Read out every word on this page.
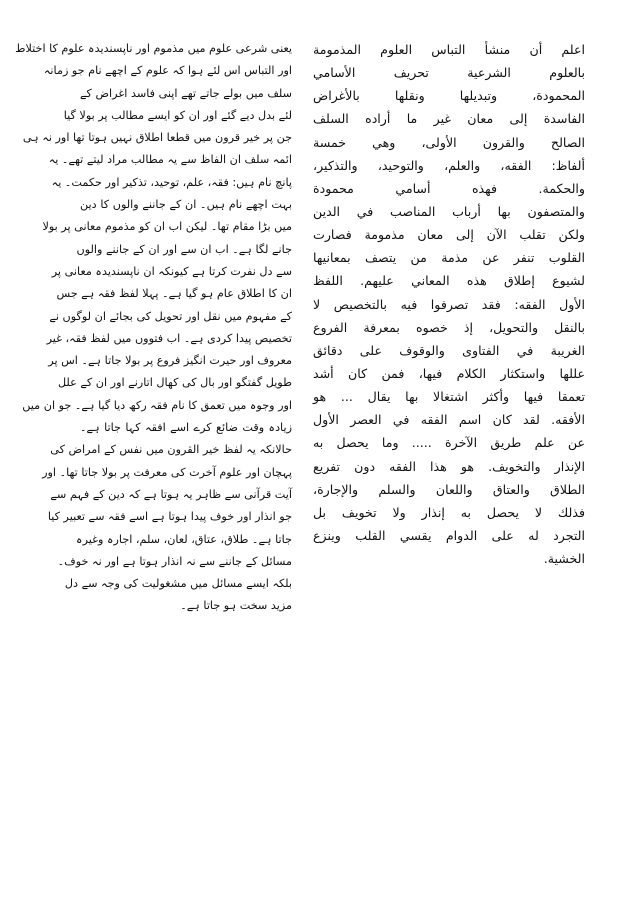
اعلم أن منشأ التباس العلوم المذمومة
بالعلوم الشرعية تحريف الأسامي
المحمودة، وتبديلها ونقلها بالأغراض
الفاسدة إلى معان غير ما أراده السلف
الصالح والقرون الأولى، وهي خمسة
ألفاظ: الفقه، والعلم، والتوحيد، والتذكير،
والحكمة. فهذه أسامي محمودة
والمتصفون بها أرباب المناصب في الدين
ولكن تقلب الآن إلى معان مذمومة فصارت
القلوب تنفر عن مذمة من يتصف بمعانيها
لشيوع إطلاق هذه المعاني عليهم. اللفظ
الأول الفقه: فقد تصرفوا فيه بالتخصيص لا
بالنقل والتحويل، إذ خصوه بمعرفة الفروع
الغريبة في الفتاوى والوقوف على دقائق
عللها واستكثار الكلام فيها، فمن كان أشد
تعمقا فيها وأكثر اشتغالا بها يقال ... هو
الأفقه. لقد كان اسم الفقه في العصر الأول
عن علم طريق الآخرة ..... وما يحصل به
الإنذار والتخويف. هو هذا الفقه دون تفريع
الطلاق والعتاق واللعان والسلم والإجارة،
فذلك لا يحصل به إنذار ولا تخويف بل
التجرد له على الدوام يقسي القلب وينزع
الخشية.
یعنی شرعی علوم میں مذموم اور ناپسندیدہ علوم کا اختلاط
اور التباس اس لئے ہوا کہ علوم کے اچھے نام جو زمانہ
سلف میں بولے جاتے تھے اپنی فاسد اغراض کے
لئے بدل دیے گئے اور ان کو ایسے مطالب پر بولا گیا
جن پر خیر قرون میں قطعا اطلاق نہیں ہوتا تھا اور نہ ہی
ائمہ سلف ان الفاظ سے یہ مطالب مراد لیتے تھے۔ یہ
پانچ نام ہیں: فقہ، علم، توحید، تذکیر اور حکمت۔ یہ
بہت اچھے نام ہیں۔ ان کے جاننے والوں کا دین
میں بڑا مقام تھا۔ لیکن اب ان کو مذموم معانی پر بولا
جانے لگا ہے۔ اب ان سے اور ان کے جاننے والوں
سے دل نفرت کرتا ہے کیونکہ ان ناپسندیدہ معانی پر
ان کا اطلاق عام ہو گیا ہے۔ پہلا لفظ فقہ ہے جس
کے مفہوم میں نقل اور تحویل کی بجائے ان لوگوں نے
تخصیص پیدا کردی ہے۔ اب فتووں میں لفظ فقہ، غیر
معروف اور حیرت انگیز فروع پر بولا جاتا ہے۔ اس پر
طویل گفتگو اور بال کی کھال اتارنے اور ان کے علل
اور وجوہ میں تعمق کا نام فقہ رکھ دیا گیا ہے۔ جو ان میں
زیادہ وقت ضائع کرے اسے افقہ کہا جاتا ہے۔
حالانکہ یہ لفظ خیر القرون میں نفس کے امراض کی
پہچان اور علوم آخرت کی معرفت پر بولا جاتا تھا۔ اور
آیت قرآنی سے ظاہر یہ ہوتا ہے کہ دین کے فہم سے
جو انذار اور خوف پیدا ہوتا ہے اسے فقہ سے تعبیر کیا
جاتا ہے۔ طلاق، عتاق، لعان، سلم، اجارہ وغیرہ
مسائل کے جاننے سے نہ انذار ہوتا ہے اور نہ خوف۔
بلکہ ایسے مسائل میں مشغولیت کی وجہ سے دل
مزید سخت ہو جاتا ہے۔
